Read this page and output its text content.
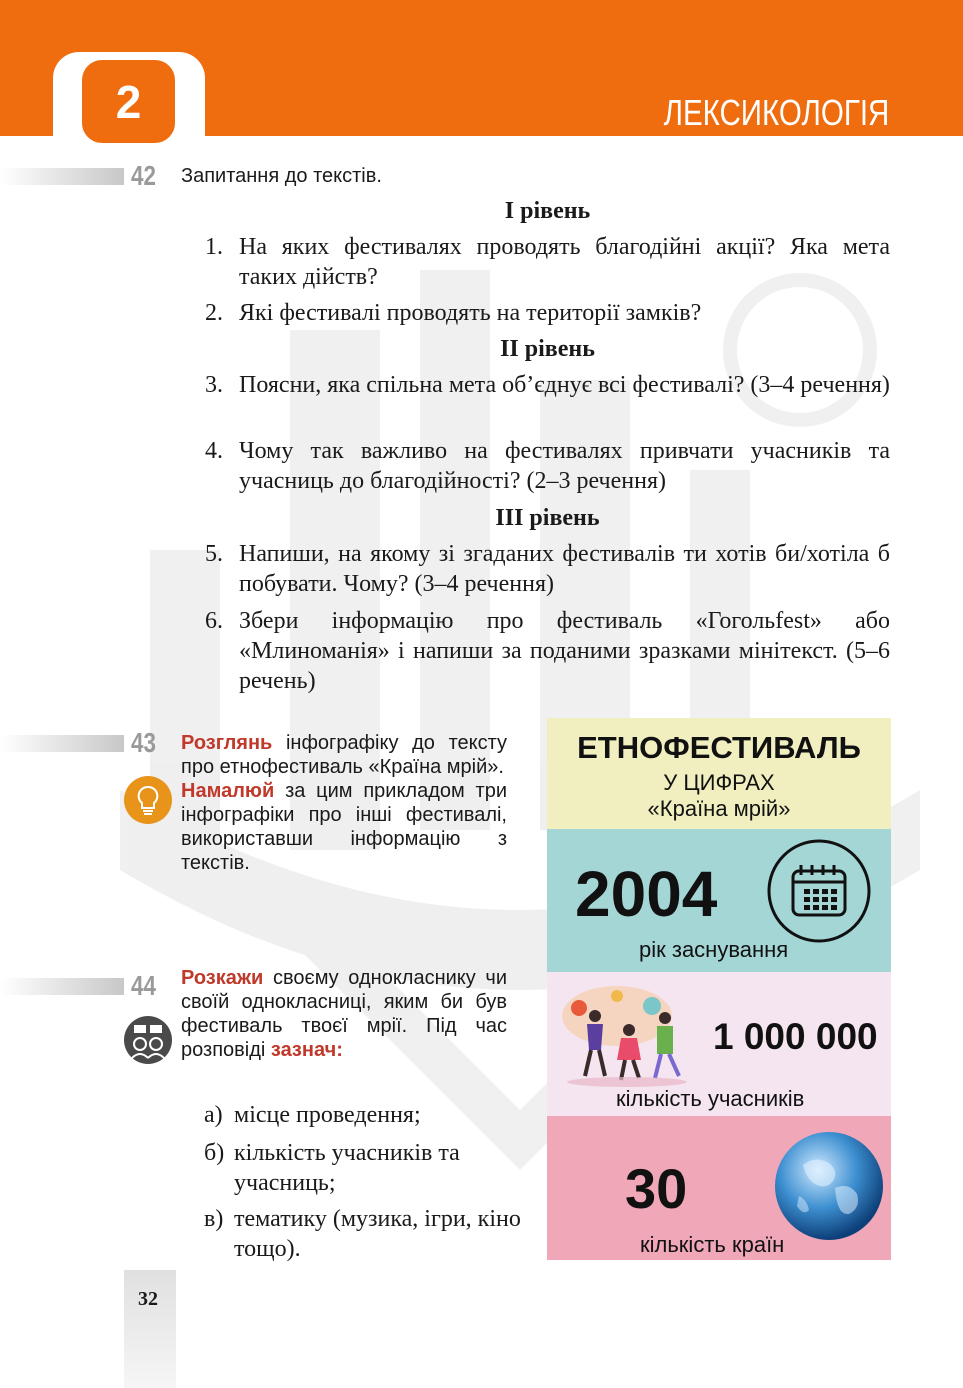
2	ЛЕКСИКОЛОГІЯ
42 Запитання до текстів.
І рівень
1. На яких фестивалях проводять благодійні акції? Яка мета таких дійств?
2. Які фестивалі проводять на території замків?
ІІ рівень
3. Поясни, яка спільна мета об’єднує всі фестивалі? (3–4 речення)
4. Чому так важливо на фестивалях привчати учасників та учасниць до благодійності? (2–3 речення)
ІІІ рівень
5. Напиши, на якому зі згаданих фестивалів ти хотів би/хотіла б побувати. Чому? (3–4 речення)
6. Збери інформацію про фестиваль «Гогольfest» або «Млиноманія» і напиши за поданими зразками мінітекст. (5–6 речень)
43 Розглянь інфографіку до тексту про етнофестиваль «Країна мрій».
Намалюй за цим прикладом три інфографіки про інші фестивалі, використавши інформацію з текстів.
44 Розкажи своєму однокласнику чи своїй однокласниці, яким би був фестиваль твоєї мрії. Під час розповіді зазнач:
а) місце проведення;
б) кількість учасників та учасниць;
в) тематику (музика, ігри, кіно тощо).
ЕТНОФЕСТИВАЛЬ
У ЦИФРАХ
«Країна мрій»
2004
рік заснування
1 000 000
кількість учасників
30
кількість країн
32
